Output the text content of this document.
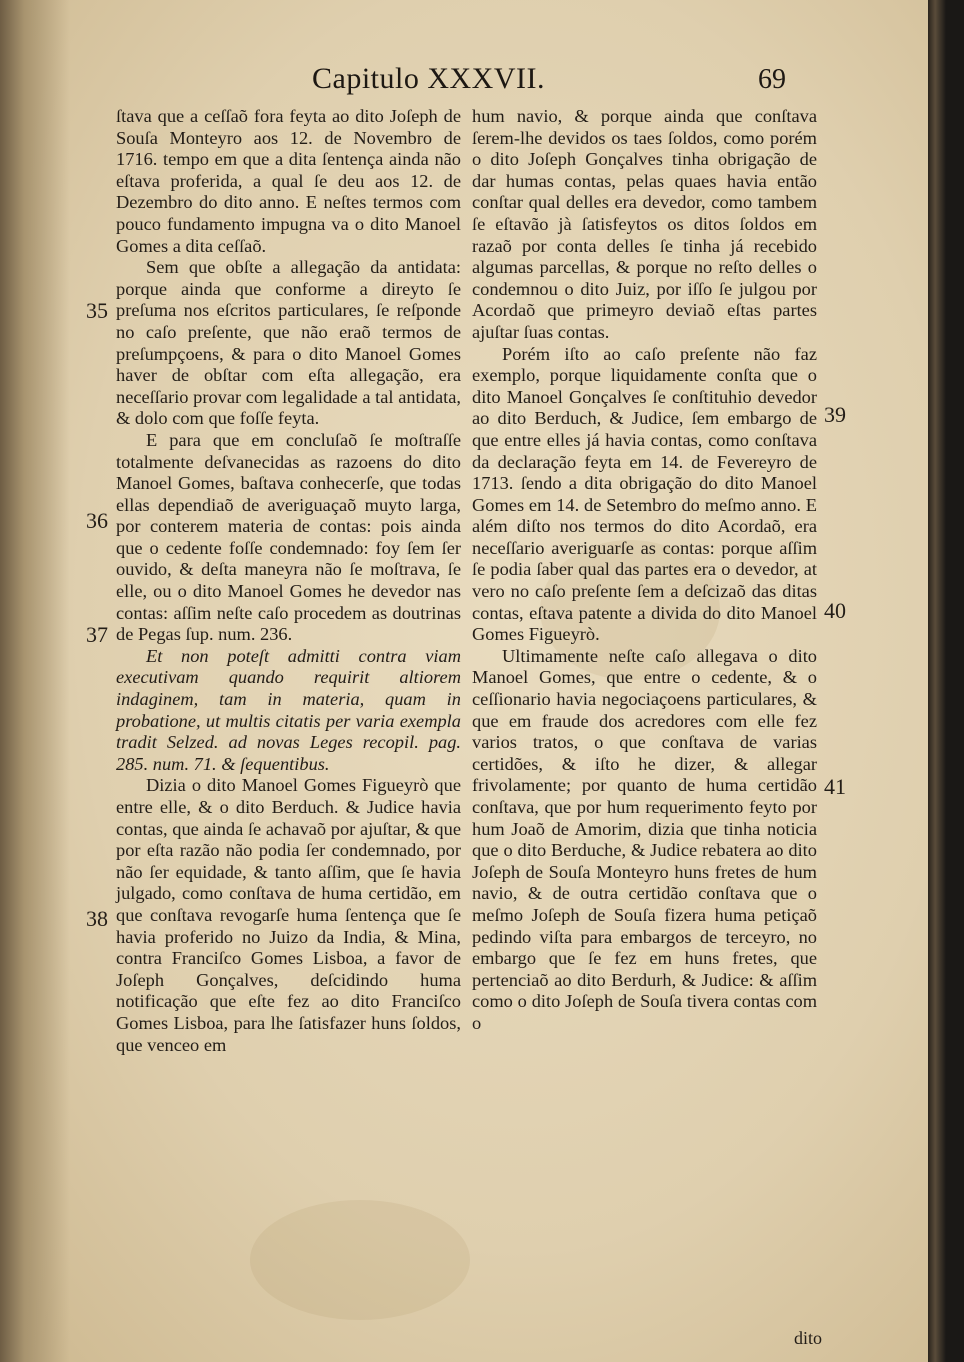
Capitulo XXXVII.	69

ſtava que a ceſſaõ fora feyta ao dito Joſeph de Souſa Monteyro aos 12. de Novembro de 1716. tempo em que a dita ſentença ainda não eſtava proferida, a qual ſe deu aos 12. de Dezembro do dito anno. E neſtes termos com pouco fundamento impugna va o dito Manoel Gomes a dita ceſſaõ.

Sem que obſte a allegação da antidata: porque ainda que conforme a direyto ſe preſuma nos eſcritos particulares, ſe reſponde no caſo preſente, que não eraõ termos de preſumpçoens, & para o dito Manoel Gomes haver de obſtar com eſta allegação, era neceſſario provar com legalidade a tal antidata, & dolo com que foſſe feyta.

E para que em concluſaõ ſe moſtraſſe totalmente deſvanecidas as razoens do dito Manoel Gomes, baſtava conhecerſe, que todas ellas dependiaõ de averiguaçaõ muyto larga, por conterem materia de contas: pois ainda que o cedente foſſe condemnado: foy ſem ſer ouvido, & deſta maneyra não ſe moſtrava, ſe elle, ou o dito Manoel Gomes he devedor nas contas: aſſim neſte caſo procedem as doutrinas de Pegas ſup. num. 236.

Et non poteſt admitti contra viam executivam quando requirit altiorem indaginem, tam in materia, quam in probatione, ut multis citatis per varia exempla tradit Selzed. ad novas Leges recopil. pag. 285. num. 71. & ſequentibus.

Dizia o dito Manoel Gomes Figueyrò que entre elle, & o dito Berduch. & Judice havia contas, que ainda ſe achavaõ por ajuſtar, & que por eſta razão não podia ſer condemnado, por não ſer equidade, & tanto aſſim, que ſe havia julgado, como conſtava de huma certidão, em que conſtava revogarſe huma ſentença que ſe havia proferido no Juizo da India, & Mina, contra Franciſco Gomes Lisboa, a favor de Joſeph Gonçalves, deſcidindo huma notificação que eſte fez ao dito Franciſco Gomes Lisboa, para lhe ſatisfazer huns ſoldos, que venceo em

35
36
37
38

hum navio, & porque ainda que conſtava ſerem-lhe devidos os taes ſoldos, como porém o dito Joſeph Gonçalves tinha obrigação de dar humas contas, pelas quaes havia então conſtar qual delles era devedor, como tambem ſe eſtavão jà ſatisfeytos os ditos ſoldos em razaõ por conta delles ſe tinha já recebido algumas parcellas, & porque no reſto delles o condemnou o dito Juiz, por iſſo ſe julgou por Acordaõ que primeyro deviaõ eſtas partes ajuſtar ſuas contas.

Porém iſto ao caſo preſente não faz exemplo, porque liquidamente conſta que o dito Manoel Gonçalves ſe conſtituhio devedor ao dito Berduch, & Judice, ſem embargo de que entre elles já havia contas, como conſtava da declaração feyta em 14. de Fevereyro de 1713. ſendo a dita obrigação do dito Manoel Gomes em 14. de Setembro do meſmo anno. E além diſto nos termos do dito Acordaõ, era neceſſario averiguarſe as contas: porque aſſim ſe podia ſaber qual das partes era o devedor, at vero no caſo preſente ſem a deſcizaõ das ditas contas, eſtava patente a divida do dito Manoel Gomes Figueyrò.

Ultimamente neſte caſo allegava o dito Manoel Gomes, que entre o cedente, & o ceſſionario havia negociaçoens particulares, & que em fraude dos acredores com elle fez varios tratos, o que conſtava de varias certidões, & iſto he dizer, & allegar frivolamente; por quanto de huma certidão conſtava, que por hum requerimento feyto por hum Joaõ de Amorim, dizia que tinha noticia que o dito Berduche, & Judice rebatera ao dito Joſeph de Souſa Monteyro huns fretes de hum navio, & de outra certidão conſtava que o meſmo Joſeph de Souſa fizera huma petiçaõ pedindo viſta para embargos de terceyro, no embargo que ſe fez em huns fretes, que pertenciaõ ao dito Berdurh, & Judice: & aſſim como o dito Joſeph de Souſa tivera contas com o

39
40
41
dito
